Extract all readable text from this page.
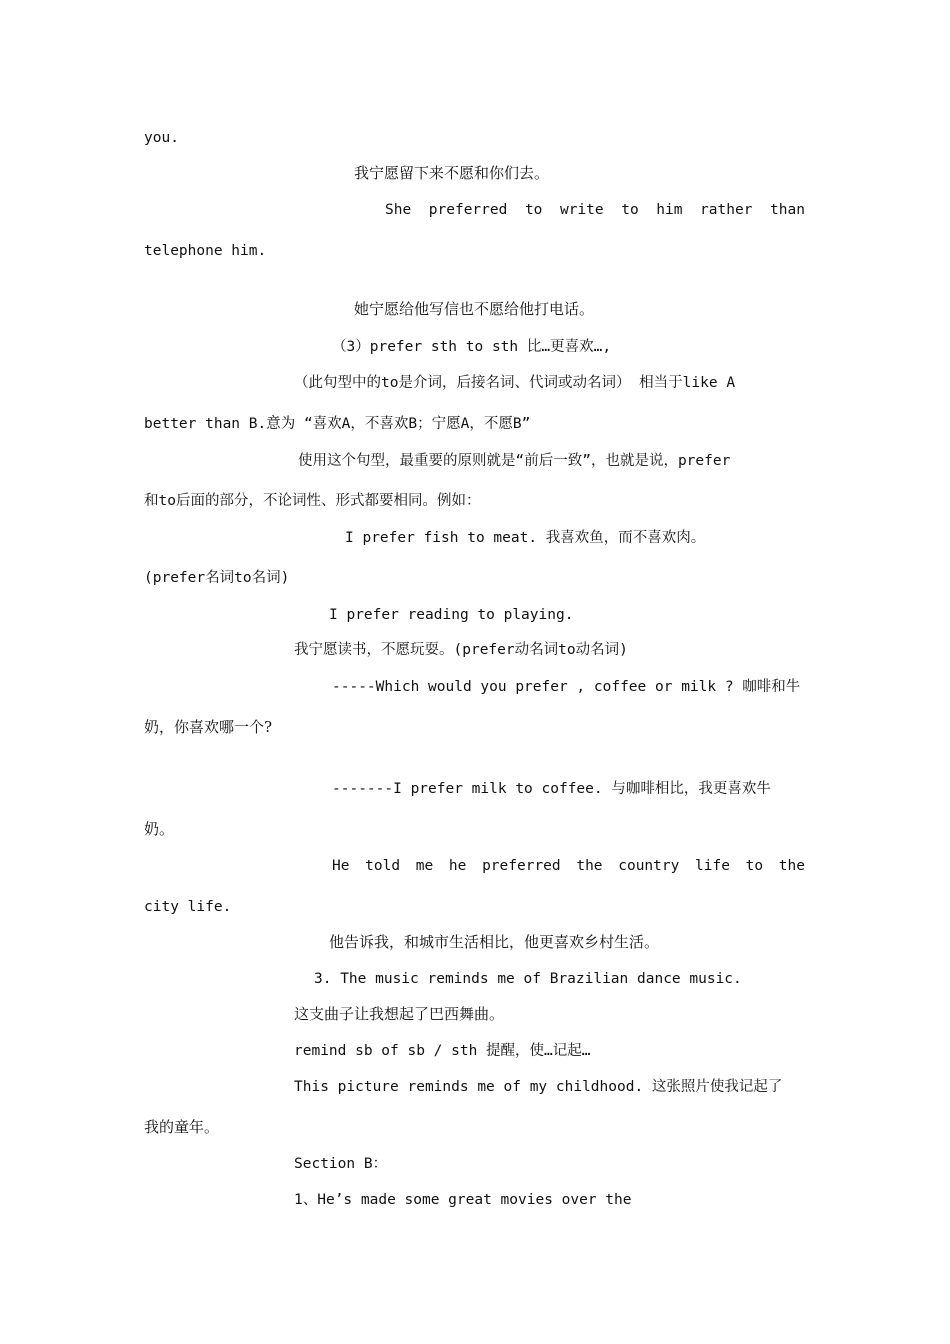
you.
我宁愿留下来不愿和你们去。
She preferred to write to him rather than
telephone him.
她宁愿给他写信也不愿给他打电话。
（3）prefer sth to sth 比…更喜欢…,
（此句型中的to是介词，后接名词、代词或动名词） 相当于like A
better than B.意为 “喜欢A，不喜欢B；宁愿A，不愿B”
使用这个句型，最重要的原则就是“前后一致”，也就是说，prefer
和to后面的部分，不论词性、形式都要相同。例如：
I prefer fish to meat. 我喜欢鱼，而不喜欢肉。
(prefer名词to名词)
I prefer reading to playing.
我宁愿读书，不愿玩耍。(prefer动名词to动名词)
-----Which would you prefer , coffee or milk ? 咖啡和牛
奶，你喜欢哪一个?
-------I prefer milk to coffee. 与咖啡相比，我更喜欢牛
奶。
He told me he preferred the country life to the
city life.
他告诉我，和城市生活相比，他更喜欢乡村生活。
3. The music reminds me of Brazilian dance music.
这支曲子让我想起了巴西舞曲。
remind sb of sb / sth 提醒，使…记起…
This picture reminds me of my childhood. 这张照片使我记起了
我的童年。
Section B：
1、He’s made some great movies over the
